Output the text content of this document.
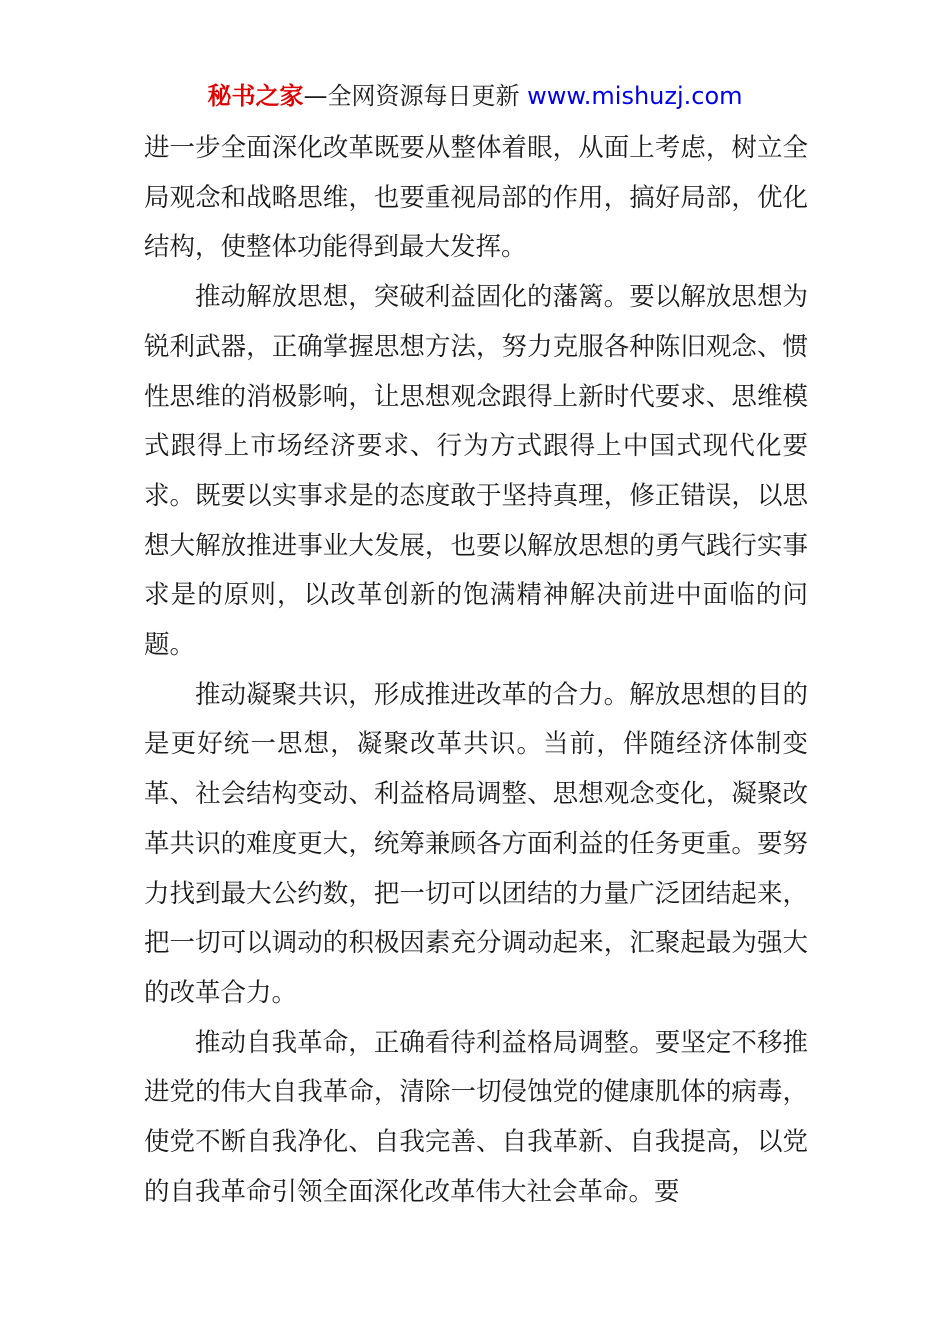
秘书之家—全网资源每日更新 www.mishuzj.com

进一步全面深化改革既要从整体着眼，从面上考虑，树立全局观念和战略思维，也要重视局部的作用，搞好局部，优化结构，使整体功能得到最大发挥。

推动解放思想，突破利益固化的藩篱。要以解放思想为锐利武器，正确掌握思想方法，努力克服各种陈旧观念、惯性思维的消极影响，让思想观念跟得上新时代要求、思维模式跟得上市场经济要求、行为方式跟得上中国式现代化要求。既要以实事求是的态度敢于坚持真理，修正错误，以思想大解放推进事业大发展，也要以解放思想的勇气践行实事求是的原则，以改革创新的饱满精神解决前进中面临的问题。

推动凝聚共识，形成推进改革的合力。解放思想的目的是更好统一思想，凝聚改革共识。当前，伴随经济体制变革、社会结构变动、利益格局调整、思想观念变化，凝聚改革共识的难度更大，统筹兼顾各方面利益的任务更重。要努力找到最大公约数，把一切可以团结的力量广泛团结起来，把一切可以调动的积极因素充分调动起来，汇聚起最为强大的改革合力。

推动自我革命，正确看待利益格局调整。要坚定不移推进党的伟大自我革命，清除一切侵蚀党的健康肌体的病毒，使党不断自我净化、自我完善、自我革新、自我提高，以党的自我革命引领全面深化改革伟大社会革命。要
